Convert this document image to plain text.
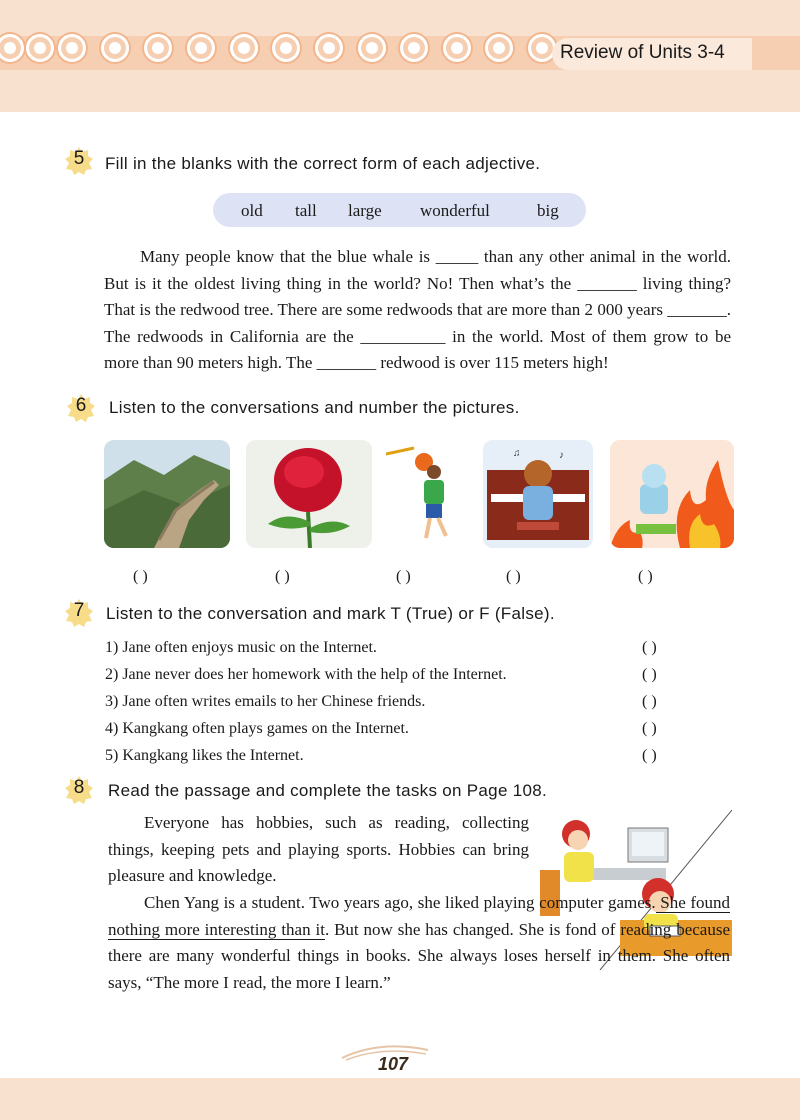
Review of Units 3-4
5	Fill in the blanks with the correct form of each adjective.
old tall large wonderful	big
Many people know that the blue whale is _____ than any other animal in the world. But is it the oldest living thing in the world? No! Then what’s the _______ living thing? That is the redwood tree. There are some redwoods that are more than 2 000 years _______. The redwoods in California are the __________ in the world. Most of them grow to be more than 90 meters high. The _______ redwood is over 115 meters high!
6	Listen to the conversations and number the pictures.
♫	♪
( )	( )	( )	( )	( )
7	Listen to the conversation and mark T (True) or F (False).
1) Jane often enjoys music on the Internet.	( )
2) Jane never does her homework with the help of the Internet.	( )
3) Jane often writes emails to her Chinese friends.	( )
4) Kangkang often plays games on the Internet.	( )
5) Kangkang likes the Internet.	( )
8	Read the passage and complete the tasks on Page 108.
Everyone has hobbies, such as reading, collecting things, keeping pets and playing sports. Hobbies can bring pleasure and knowledge.
Chen Yang is a student. Two years ago, she liked playing computer games. She found nothing more interesting than it. But now she has changed. She is fond of reading because there are many wonderful things in books. She always loses herself in them. She often says, “The more I read, the more I learn.”
107
